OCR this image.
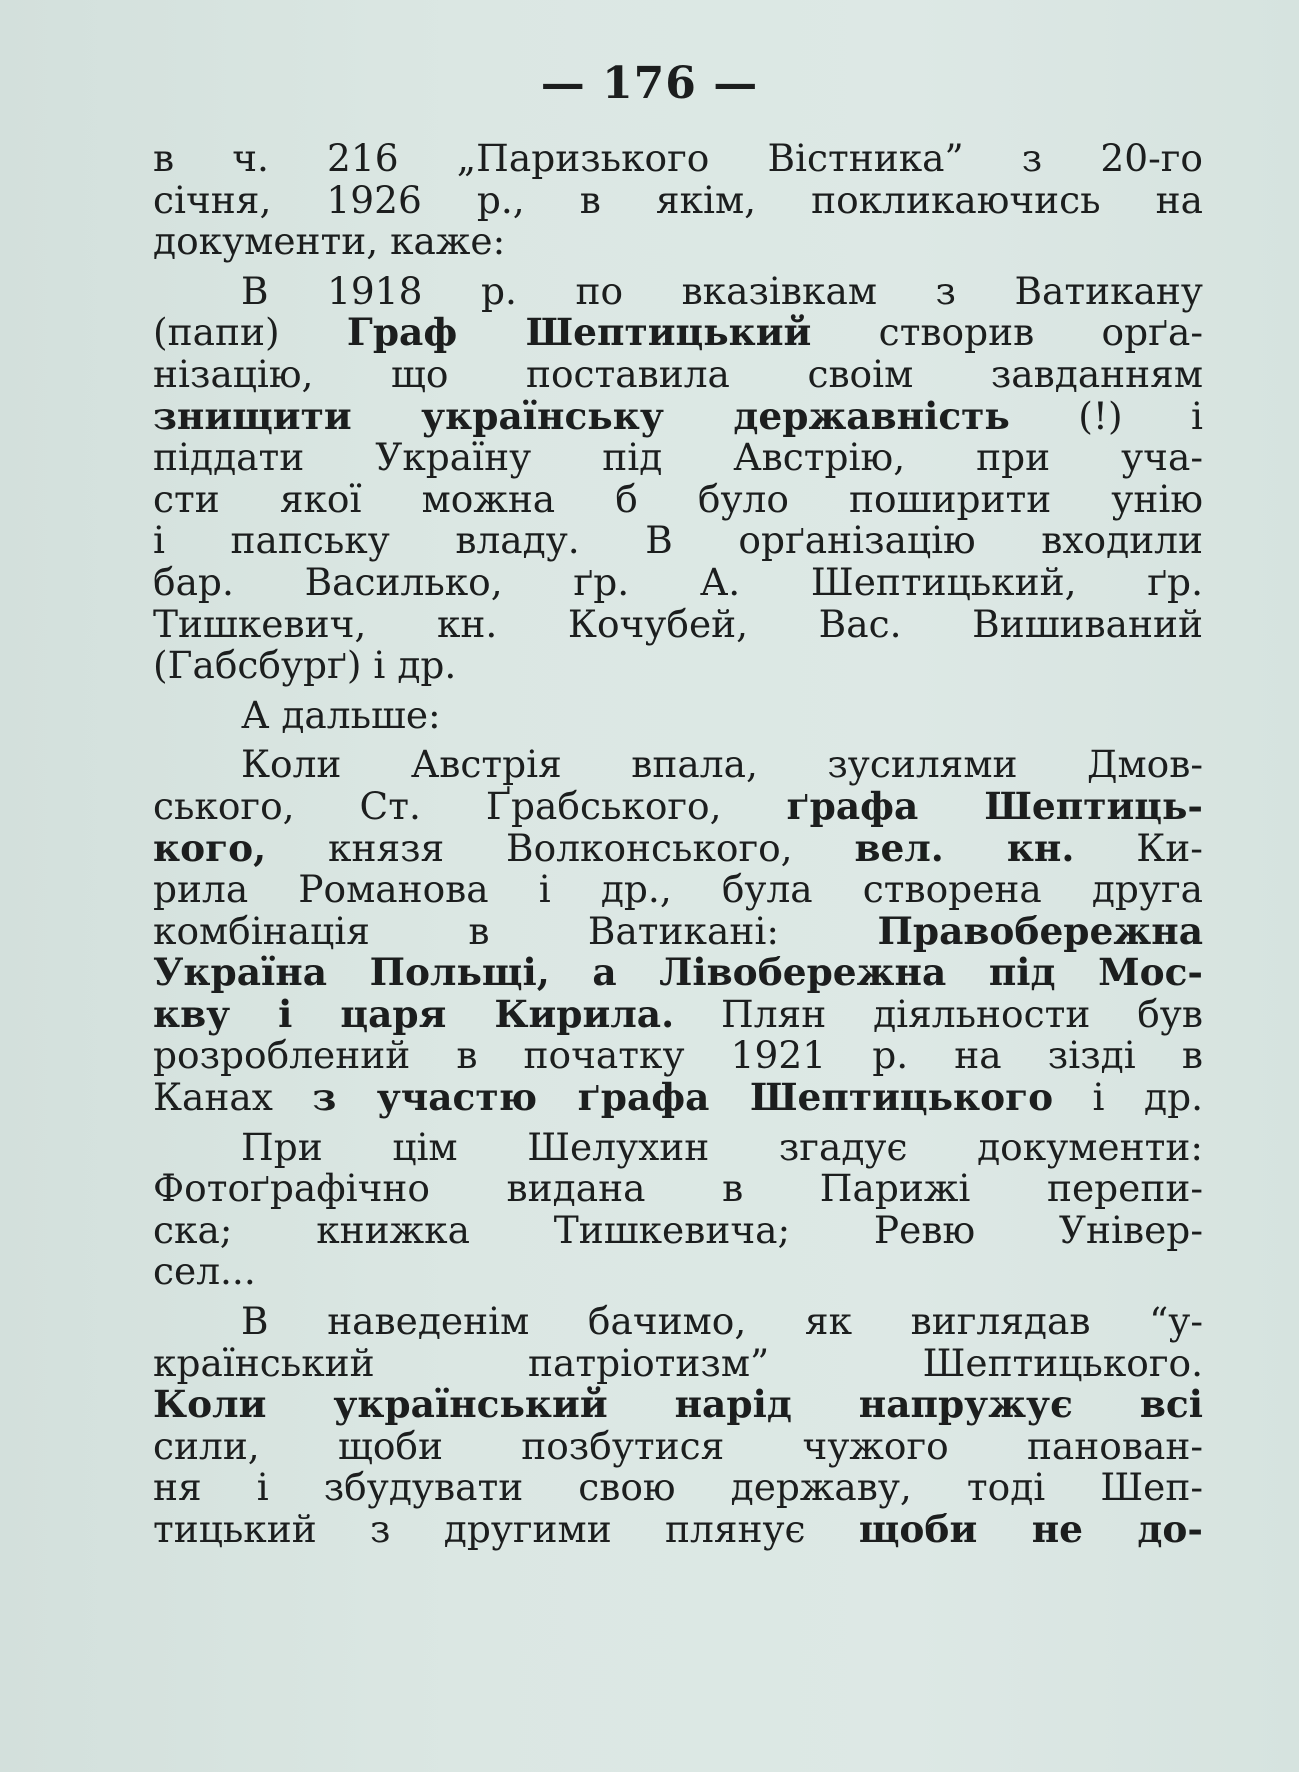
— 176 —
в ч. 216 „Паризького Вістника” з 20-го
січня, 1926 р., в якім, покликаючись на
документи, каже:
В 1918 р. по вказівкам з Ватикану
(папи) Граф Шептицький створив орґа-
нізацію, що поставила своім завданням
знищити українську державність (!) і
піддати Україну під Австрію, при уча-
сти якої можна б було поширити унію
і папську владу. В орґанізацію входили
бар. Василько, ґр. А. Шептицький, ґр.
Тишкевич, кн. Кочубей, Вас. Вишиваний
(Габсбурґ) і др.
А дальше:
Коли Австрія впала, зусилями Дмов-
ського, Ст. Ґрабського, ґрафа Шептиць-
кого, князя Волконського, вел. кн. Ки-
рила Романова і др., була створена друга
комбінація в Ватикані: Правобережна
Україна Польщі, а Лівобережна під Мос-
кву і царя Кирила. Плян діяльности був
розроблений в початку 1921 р. на зізді в
Канах з участю ґрафа Шептицького і др.
При цім Шелухин згадує документи:
Фотоґрафічно видана в Парижі перепи-
ска; книжка Тишкевича; Ревю Універ-
сел...
В наведенім бачимо, як виглядав “у-
країнський патріотизм” Шептицького.
Коли український нарід напружує всі
сили, щоби позбутися чужого панован-
ня і збудувати свою державу, тоді Шеп-
тицький з другими плянує щоби не до-
